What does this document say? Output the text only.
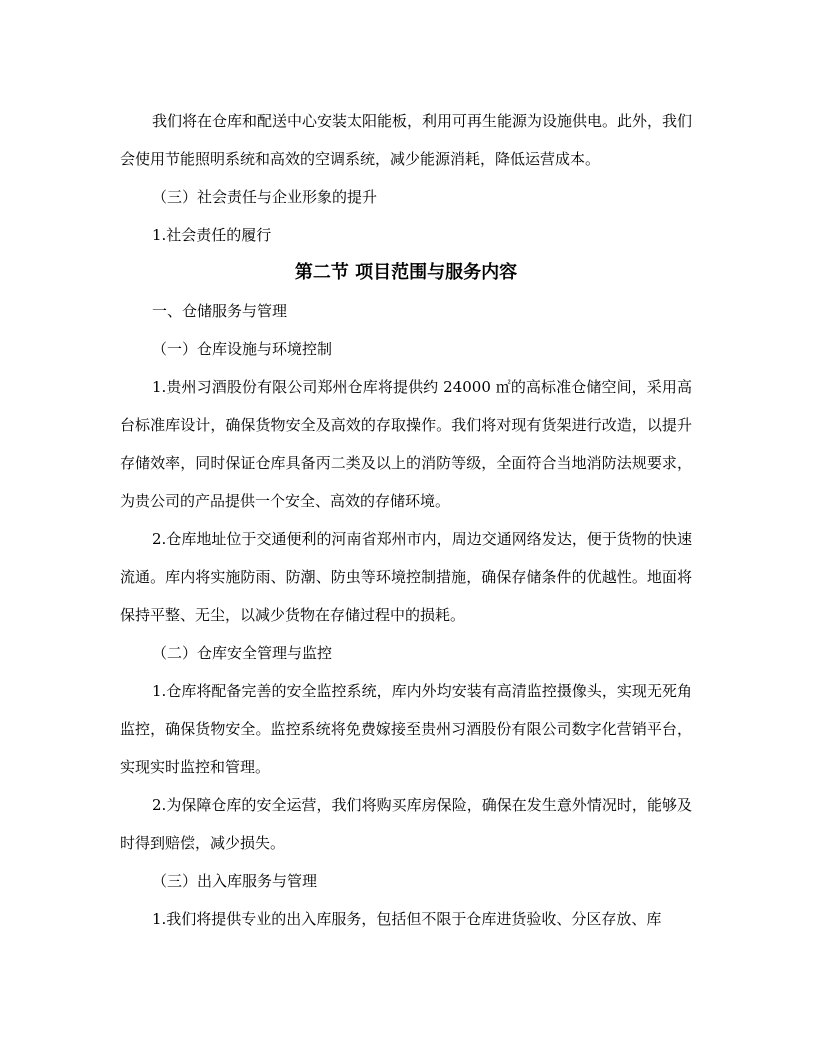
我们将在仓库和配送中心安装太阳能板，利用可再生能源为设施供电。此外，我们会使用节能照明系统和高效的空调系统，减少能源消耗，降低运营成本。

（三）社会责任与企业形象的提升

1.社会责任的履行

第二节 项目范围与服务内容

一、仓储服务与管理

（一）仓库设施与环境控制

1.贵州习酒股份有限公司郑州仓库将提供约 24000 ㎡的高标准仓储空间，采用高台标准库设计，确保货物安全及高效的存取操作。我们将对现有货架进行改造，以提升存储效率，同时保证仓库具备丙二类及以上的消防等级，全面符合当地消防法规要求，为贵公司的产品提供一个安全、高效的存储环境。

2.仓库地址位于交通便利的河南省郑州市内，周边交通网络发达，便于货物的快速流通。库内将实施防雨、防潮、防虫等环境控制措施，确保存储条件的优越性。地面将保持平整、无尘，以减少货物在存储过程中的损耗。

（二）仓库安全管理与监控

1.仓库将配备完善的安全监控系统，库内外均安装有高清监控摄像头，实现无死角监控，确保货物安全。监控系统将免费嫁接至贵州习酒股份有限公司数字化营销平台，实现实时监控和管理。

2.为保障仓库的安全运营，我们将购买库房保险，确保在发生意外情况时，能够及时得到赔偿，减少损失。

（三）出入库服务与管理

1.我们将提供专业的出入库服务，包括但不限于仓库进货验收、分区存放、库
